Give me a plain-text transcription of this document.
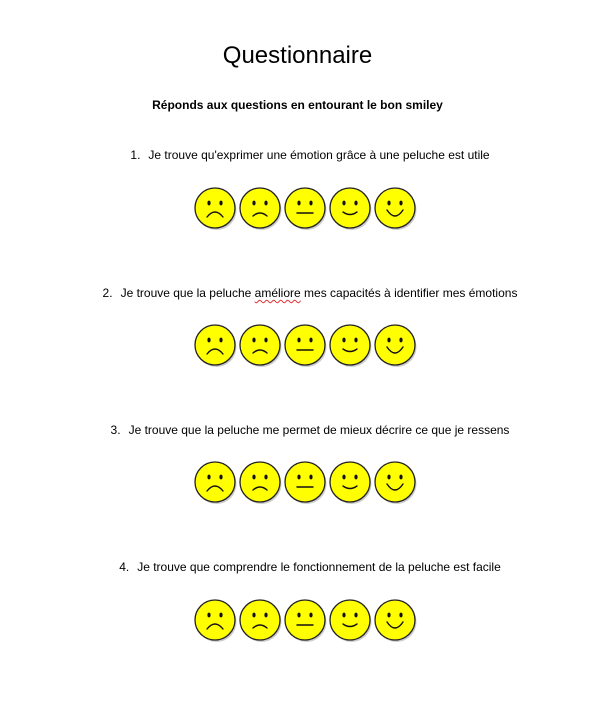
Questionnaire
Réponds aux questions en entourant le bon smiley
1. Je trouve qu'exprimer une émotion grâce à une peluche est utile
2. Je trouve que la peluche améliore mes capacités à identifier mes émotions
3. Je trouve que la peluche me permet de mieux décrire ce que je ressens
4. Je trouve que comprendre le fonctionnement de la peluche est facile
